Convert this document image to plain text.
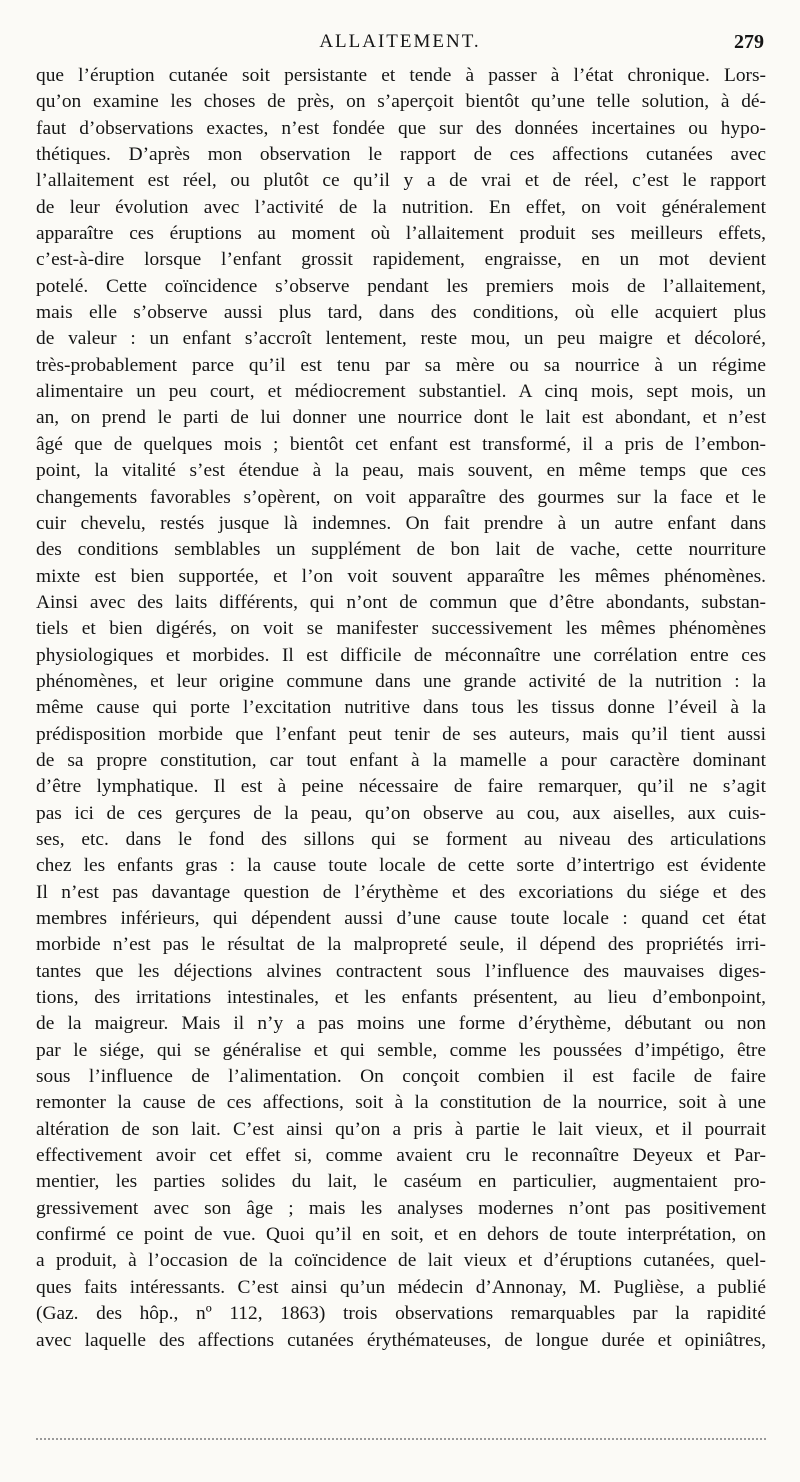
ALLAITEMENT.	279
que l’éruption cutanée soit persistante et tende à passer à l’état chronique. Lors-
qu’on examine les choses de près, on s’aperçoit bientôt qu’une telle solution, à dé-
faut d’observations exactes, n’est fondée que sur des données incertaines ou hypo-
thétiques. D’après mon observation le rapport de ces affections cutanées avec
l’allaitement est réel, ou plutôt ce qu’il y a de vrai et de réel, c’est le rapport
de leur évolution avec l’activité de la nutrition. En effet, on voit généralement
apparaître ces éruptions au moment où l’allaitement produit ses meilleurs effets,
c’est-à-dire lorsque l’enfant grossit rapidement, engraisse, en un mot devient
potelé. Cette coïncidence s’observe pendant les premiers mois de l’allaitement,
mais elle s’observe aussi plus tard, dans des conditions, où elle acquiert plus
de valeur : un enfant s’accroît lentement, reste mou, un peu maigre et décoloré,
très-probablement parce qu’il est tenu par sa mère ou sa nourrice à un régime
alimentaire un peu court, et médiocrement substantiel. A cinq mois, sept mois, un
an, on prend le parti de lui donner une nourrice dont le lait est abondant, et n’est
âgé que de quelques mois ; bientôt cet enfant est transformé, il a pris de l’embon-
point, la vitalité s’est étendue à la peau, mais souvent, en même temps que ces
changements favorables s’opèrent, on voit apparaître des gourmes sur la face et le
cuir chevelu, restés jusque là indemnes. On fait prendre à un autre enfant dans
des conditions semblables un supplément de bon lait de vache, cette nourriture
mixte est bien supportée, et l’on voit souvent apparaître les mêmes phénomènes.
Ainsi avec des laits différents, qui n’ont de commun que d’être abondants, substan-
tiels et bien digérés, on voit se manifester successivement les mêmes phénomènes
physiologiques et morbides. Il est difficile de méconnaître une corrélation entre ces
phénomènes, et leur origine commune dans une grande activité de la nutrition : la
même cause qui porte l’excitation nutritive dans tous les tissus donne l’éveil à la
prédisposition morbide que l’enfant peut tenir de ses auteurs, mais qu’il tient aussi
de sa propre constitution, car tout enfant à la mamelle a pour caractère dominant
d’être lymphatique. Il est à peine nécessaire de faire remarquer, qu’il ne s’agit
pas ici de ces gerçures de la peau, qu’on observe au cou, aux aiselles, aux cuis-
ses, etc. dans le fond des sillons qui se forment au niveau des articulations
chez les enfants gras : la cause toute locale de cette sorte d’intertrigo est évidente
Il n’est pas davantage question de l’érythème et des excoriations du siége et des
membres inférieurs, qui dépendent aussi d’une cause toute locale : quand cet état
morbide n’est pas le résultat de la malpropreté seule, il dépend des propriétés irri-
tantes que les déjections alvines contractent sous l’influence des mauvaises diges-
tions, des irritations intestinales, et les enfants présentent, au lieu d’embonpoint,
de la maigreur. Mais il n’y a pas moins une forme d’érythème, débutant ou non
par le siége, qui se généralise et qui semble, comme les poussées d’impétigo, être
sous l’influence de l’alimentation. On conçoit combien il est facile de faire
remonter la cause de ces affections, soit à la constitution de la nourrice, soit à une
altération de son lait. C’est ainsi qu’on a pris à partie le lait vieux, et il pourrait
effectivement avoir cet effet si, comme avaient cru le reconnaître Deyeux et Par-
mentier, les parties solides du lait, le caséum en particulier, augmentaient pro-
gressivement avec son âge ; mais les analyses modernes n’ont pas positivement
confirmé ce point de vue. Quoi qu’il en soit, et en dehors de toute interprétation, on
a produit, à l’occasion de la coïncidence de lait vieux et d’éruptions cutanées, quel-
ques faits intéressants. C’est ainsi qu’un médecin d’Annonay, M. Puglièse, a publié
(Gaz. des hôp., nº 112, 1863) trois observations remarquables par la rapidité
avec laquelle des affections cutanées érythémateuses, de longue durée et opiniâtres,
